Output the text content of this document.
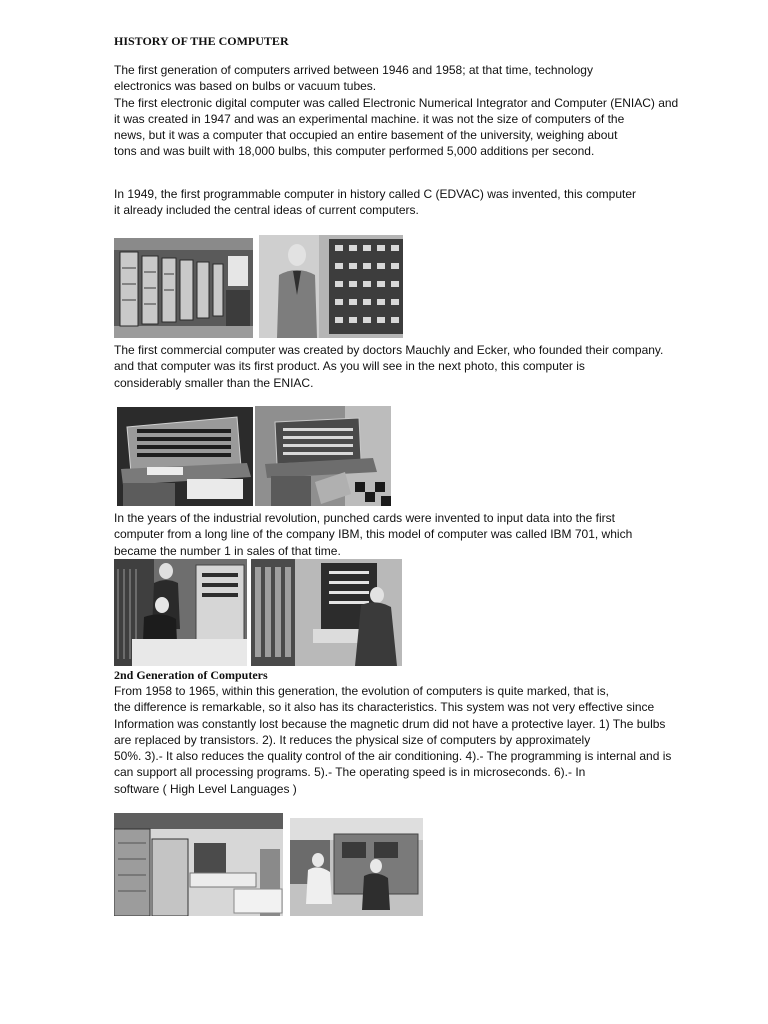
HISTORY OF THE COMPUTER
The first generation of computers arrived between 1946 and 1958; at that time, technology
electronics was based on bulbs or vacuum tubes.
The first electronic digital computer was called Electronic Numerical Integrator and Computer (ENIAC) and
it was created in 1947 and was an experimental machine. it was not the size of computers of the
news, but it was a computer that occupied an entire basement of the university, weighing about
tons and was built with 18,000 bulbs, this computer performed 5,000 additions per second.
In 1949, the first programmable computer in history called C (EDVAC) was invented, this computer
it already included the central ideas of current computers.
The first commercial computer was created by doctors Mauchly and Ecker, who founded their company.
and that computer was its first product. As you will see in the next photo, this computer is
considerably smaller than the ENIAC.
In the years of the industrial revolution, punched cards were invented to input data into the first
computer from a long line of the company IBM, this model of computer was called IBM 701, which
became the number 1 in sales of that time.
2nd Generation of Computers
From 1958 to 1965, within this generation, the evolution of computers is quite marked, that is,
the difference is remarkable, so it also has its characteristics. This system was not very effective since
Information was constantly lost because the magnetic drum did not have a protective layer. 1) The bulbs
are replaced by transistors. 2). It reduces the physical size of computers by approximately
50%. 3).- It also reduces the quality control of the air conditioning. 4).- The programming is internal and is
can support all processing programs. 5).- The operating speed is in microseconds. 6).- In
software ( High Level Languages )
